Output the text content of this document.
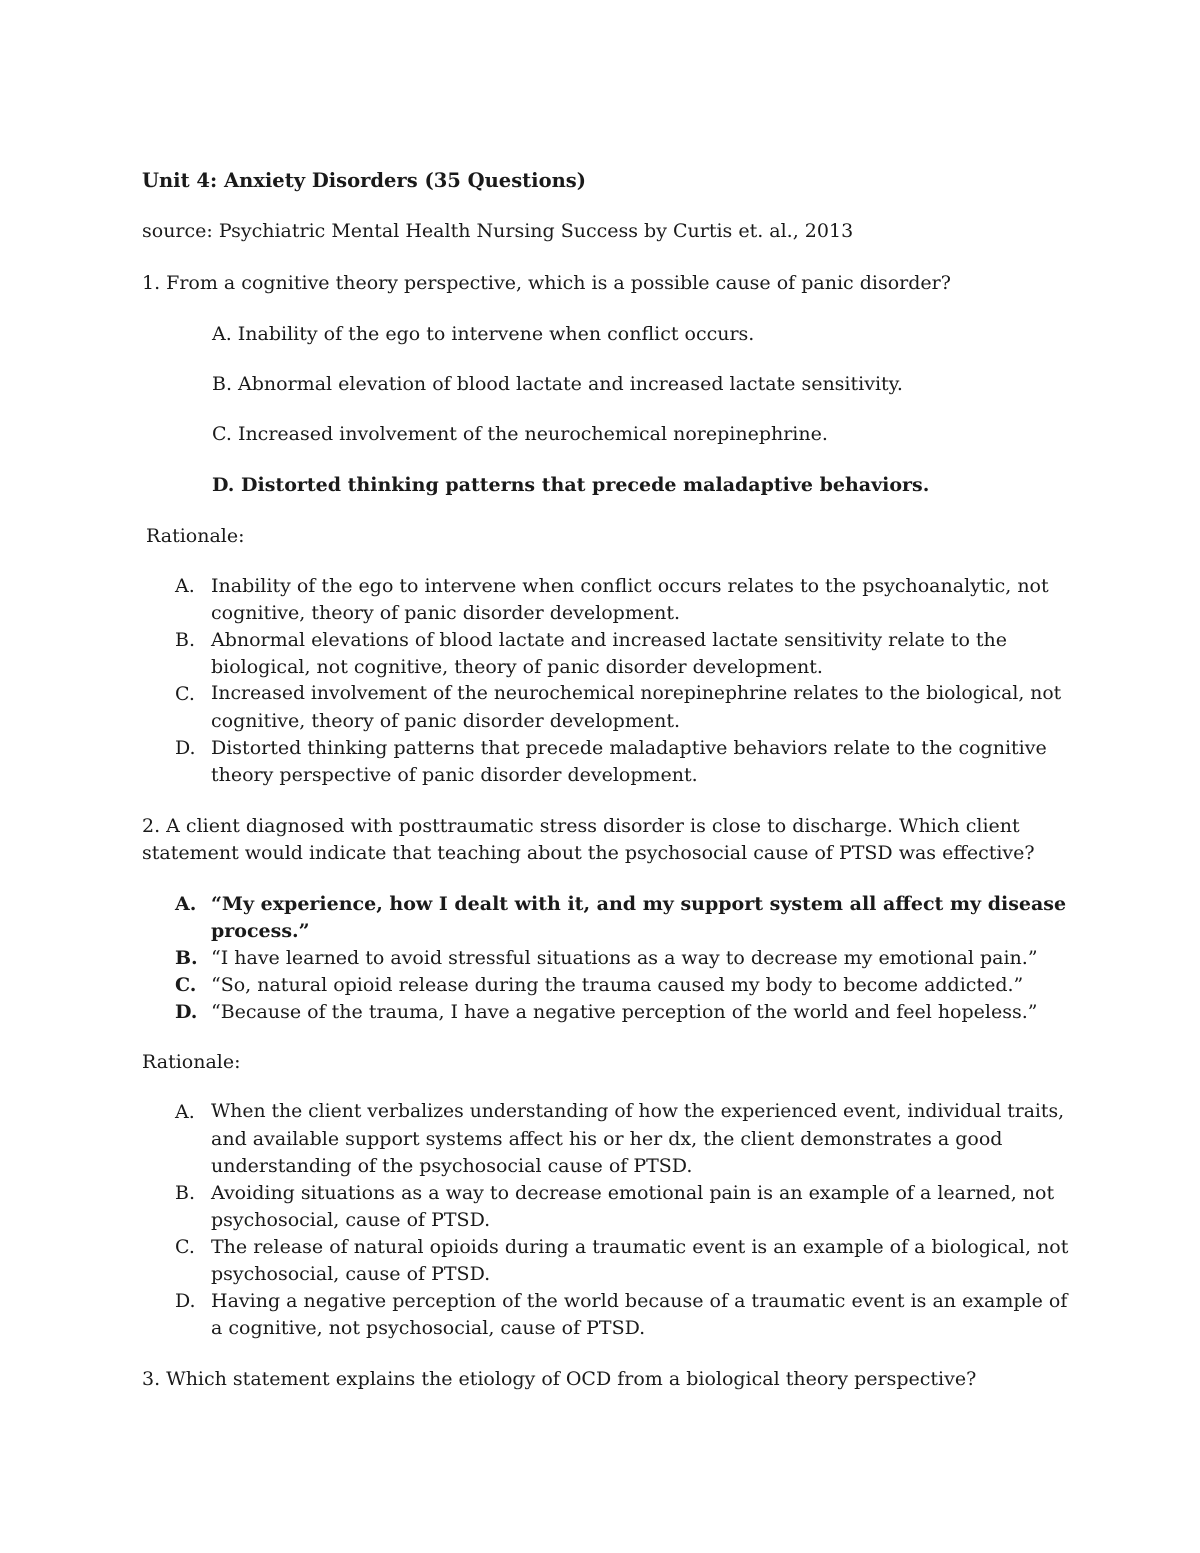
Unit 4: Anxiety Disorders (35 Questions)
source: Psychiatric Mental Health Nursing Success by Curtis et. al., 2013
1. From a cognitive theory perspective, which is a possible cause of panic disorder?
A. Inability of the ego to intervene when conflict occurs.
B. Abnormal elevation of blood lactate and increased lactate sensitivity.
C. Increased involvement of the neurochemical norepinephrine.
D. Distorted thinking patterns that precede maladaptive behaviors.
Rationale:
A. Inability of the ego to intervene when conflict occurs relates to the psychoanalytic, not
cognitive, theory of panic disorder development.
B. Abnormal elevations of blood lactate and increased lactate sensitivity relate to the
biological, not cognitive, theory of panic disorder development.
C. Increased involvement of the neurochemical norepinephrine relates to the biological, not
cognitive, theory of panic disorder development.
D. Distorted thinking patterns that precede maladaptive behaviors relate to the cognitive
theory perspective of panic disorder development.
2. A client diagnosed with posttraumatic stress disorder is close to discharge. Which client
statement would indicate that teaching about the psychosocial cause of PTSD was effective?
A. “My experience, how I dealt with it, and my support system all affect my disease
process.”
B. “I have learned to avoid stressful situations as a way to decrease my emotional pain.”
C. “So, natural opioid release during the trauma caused my body to become addicted.”
D. “Because of the trauma, I have a negative perception of the world and feel hopeless.”
Rationale:
A. When the client verbalizes understanding of how the experienced event, individual traits,
and available support systems affect his or her dx, the client demonstrates a good
understanding of the psychosocial cause of PTSD.
B. Avoiding situations as a way to decrease emotional pain is an example of a learned, not
psychosocial, cause of PTSD.
C. The release of natural opioids during a traumatic event is an example of a biological, not
psychosocial, cause of PTSD.
D. Having a negative perception of the world because of a traumatic event is an example of
a cognitive, not psychosocial, cause of PTSD.
3. Which statement explains the etiology of OCD from a biological theory perspective?
